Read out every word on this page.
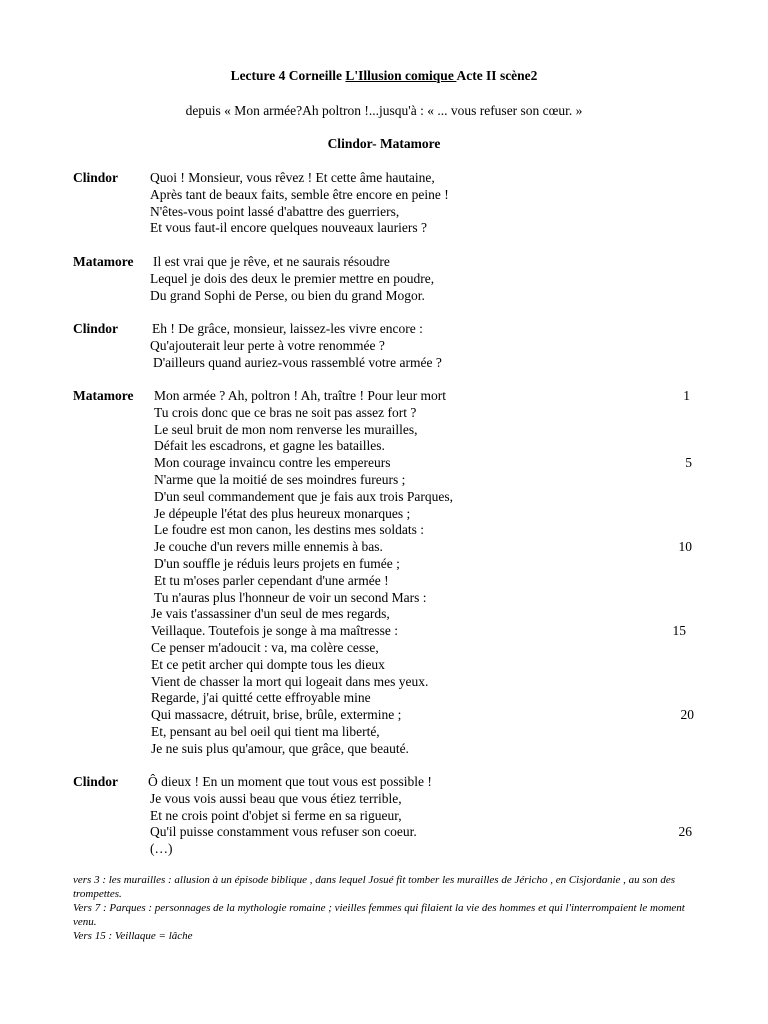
Lecture 4 Corneille L'Illusion comique Acte II scène2
depuis « Mon armée?Ah poltron !...jusqu'à : « ... vous refuser son cœur. »
Clindor- Matamore
Clindor Quoi ! Monsieur, vous rêvez ! Et cette âme hautaine,
Après tant de beaux faits, semble être encore en peine !
N'êtes-vous point lassé d'abattre des guerriers,
Et vous faut-il encore quelques nouveaux lauriers ?
Matamore Il est vrai que je rêve, et ne saurais résoudre
Lequel je dois des deux le premier mettre en poudre,
Du grand Sophi de Perse, ou bien du grand Mogor.
Clindor	Eh ! De grâce, monsieur, laissez-les vivre encore :
Qu'ajouterait leur perte à votre renommée ?
D'ailleurs quand auriez-vous rassemblé votre armée ?
Matamore Mon armée ? Ah, poltron ! Ah, traître ! Pour leur mort	1
Tu crois donc que ce bras ne soit pas assez fort ?
Le seul bruit de mon nom renverse les murailles,
Défait les escadrons, et gagne les batailles.
Mon courage invaincu contre les empereurs	5
N'arme que la moitié de ses moindres fureurs ;
D'un seul commandement que je fais aux trois Parques,
Je dépeuple l'état des plus heureux monarques ;
Le foudre est mon canon, les destins mes soldats :
Je couche d'un revers mille ennemis à bas.	10
D'un souffle je réduis leurs projets en fumée ;
Et tu m'oses parler cependant d'une armée !
Tu n'auras plus l'honneur de voir un second Mars :
Je vais t'assassiner d'un seul de mes regards,
Veillaque. Toutefois je songe à ma maîtresse :	15
Ce penser m'adoucit : va, ma colère cesse,
Et ce petit archer qui dompte tous les dieux
Vient de chasser la mort qui logeait dans mes yeux.
Regarde, j'ai quitté cette effroyable mine
Qui massacre, détruit, brise, brûle, extermine ;	20
Et, pensant au bel oeil qui tient ma liberté,
Je ne suis plus qu'amour, que grâce, que beauté.
Clindor Ô dieux ! En un moment que tout vous est possible !
Je vous vois aussi beau que vous étiez terrible,
Et ne crois point d'objet si ferme en sa rigueur,
Qu'il puisse constamment vous refuser son coeur.	26
(…)
vers 3 : les murailles : allusion à un épisode biblique , dans lequel Josué fit tomber les murailles de Jéricho , en Cisjordanie , au son des trompettes.
Vers 7 : Parques : personnages de la mythologie romaine ; vieilles femmes qui filaient la vie des hommes et qui l'interrompaient le moment venu.
Vers 15 : Veillaque = lâche
